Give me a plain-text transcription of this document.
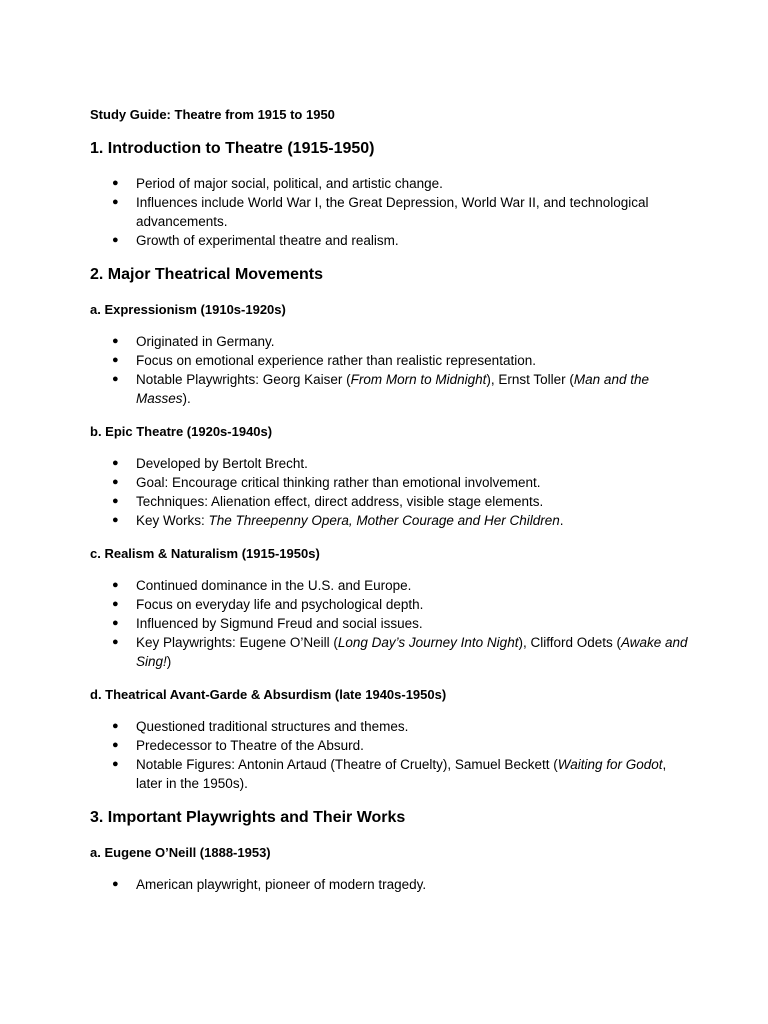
Study Guide: Theatre from 1915 to 1950
1. Introduction to Theatre (1915-1950)
● Period of major social, political, and artistic change.
● Influences include World War I, the Great Depression, World War II, and technological advancements.
● Growth of experimental theatre and realism.
2. Major Theatrical Movements
a. Expressionism (1910s-1920s)
● Originated in Germany.
● Focus on emotional experience rather than realistic representation.
● Notable Playwrights: Georg Kaiser (From Morn to Midnight), Ernst Toller (Man and the Masses).
b. Epic Theatre (1920s-1940s)
● Developed by Bertolt Brecht.
● Goal: Encourage critical thinking rather than emotional involvement.
● Techniques: Alienation effect, direct address, visible stage elements.
● Key Works: The Threepenny Opera, Mother Courage and Her Children.
c. Realism & Naturalism (1915-1950s)
● Continued dominance in the U.S. and Europe.
● Focus on everyday life and psychological depth.
● Influenced by Sigmund Freud and social issues.
● Key Playwrights: Eugene O’Neill (Long Day’s Journey Into Night), Clifford Odets (Awake and Sing!)
d. Theatrical Avant-Garde & Absurdism (late 1940s-1950s)
● Questioned traditional structures and themes.
● Predecessor to Theatre of the Absurd.
● Notable Figures: Antonin Artaud (Theatre of Cruelty), Samuel Beckett (Waiting for Godot, later in the 1950s).
3. Important Playwrights and Their Works
a. Eugene O’Neill (1888-1953)
● American playwright, pioneer of modern tragedy.
